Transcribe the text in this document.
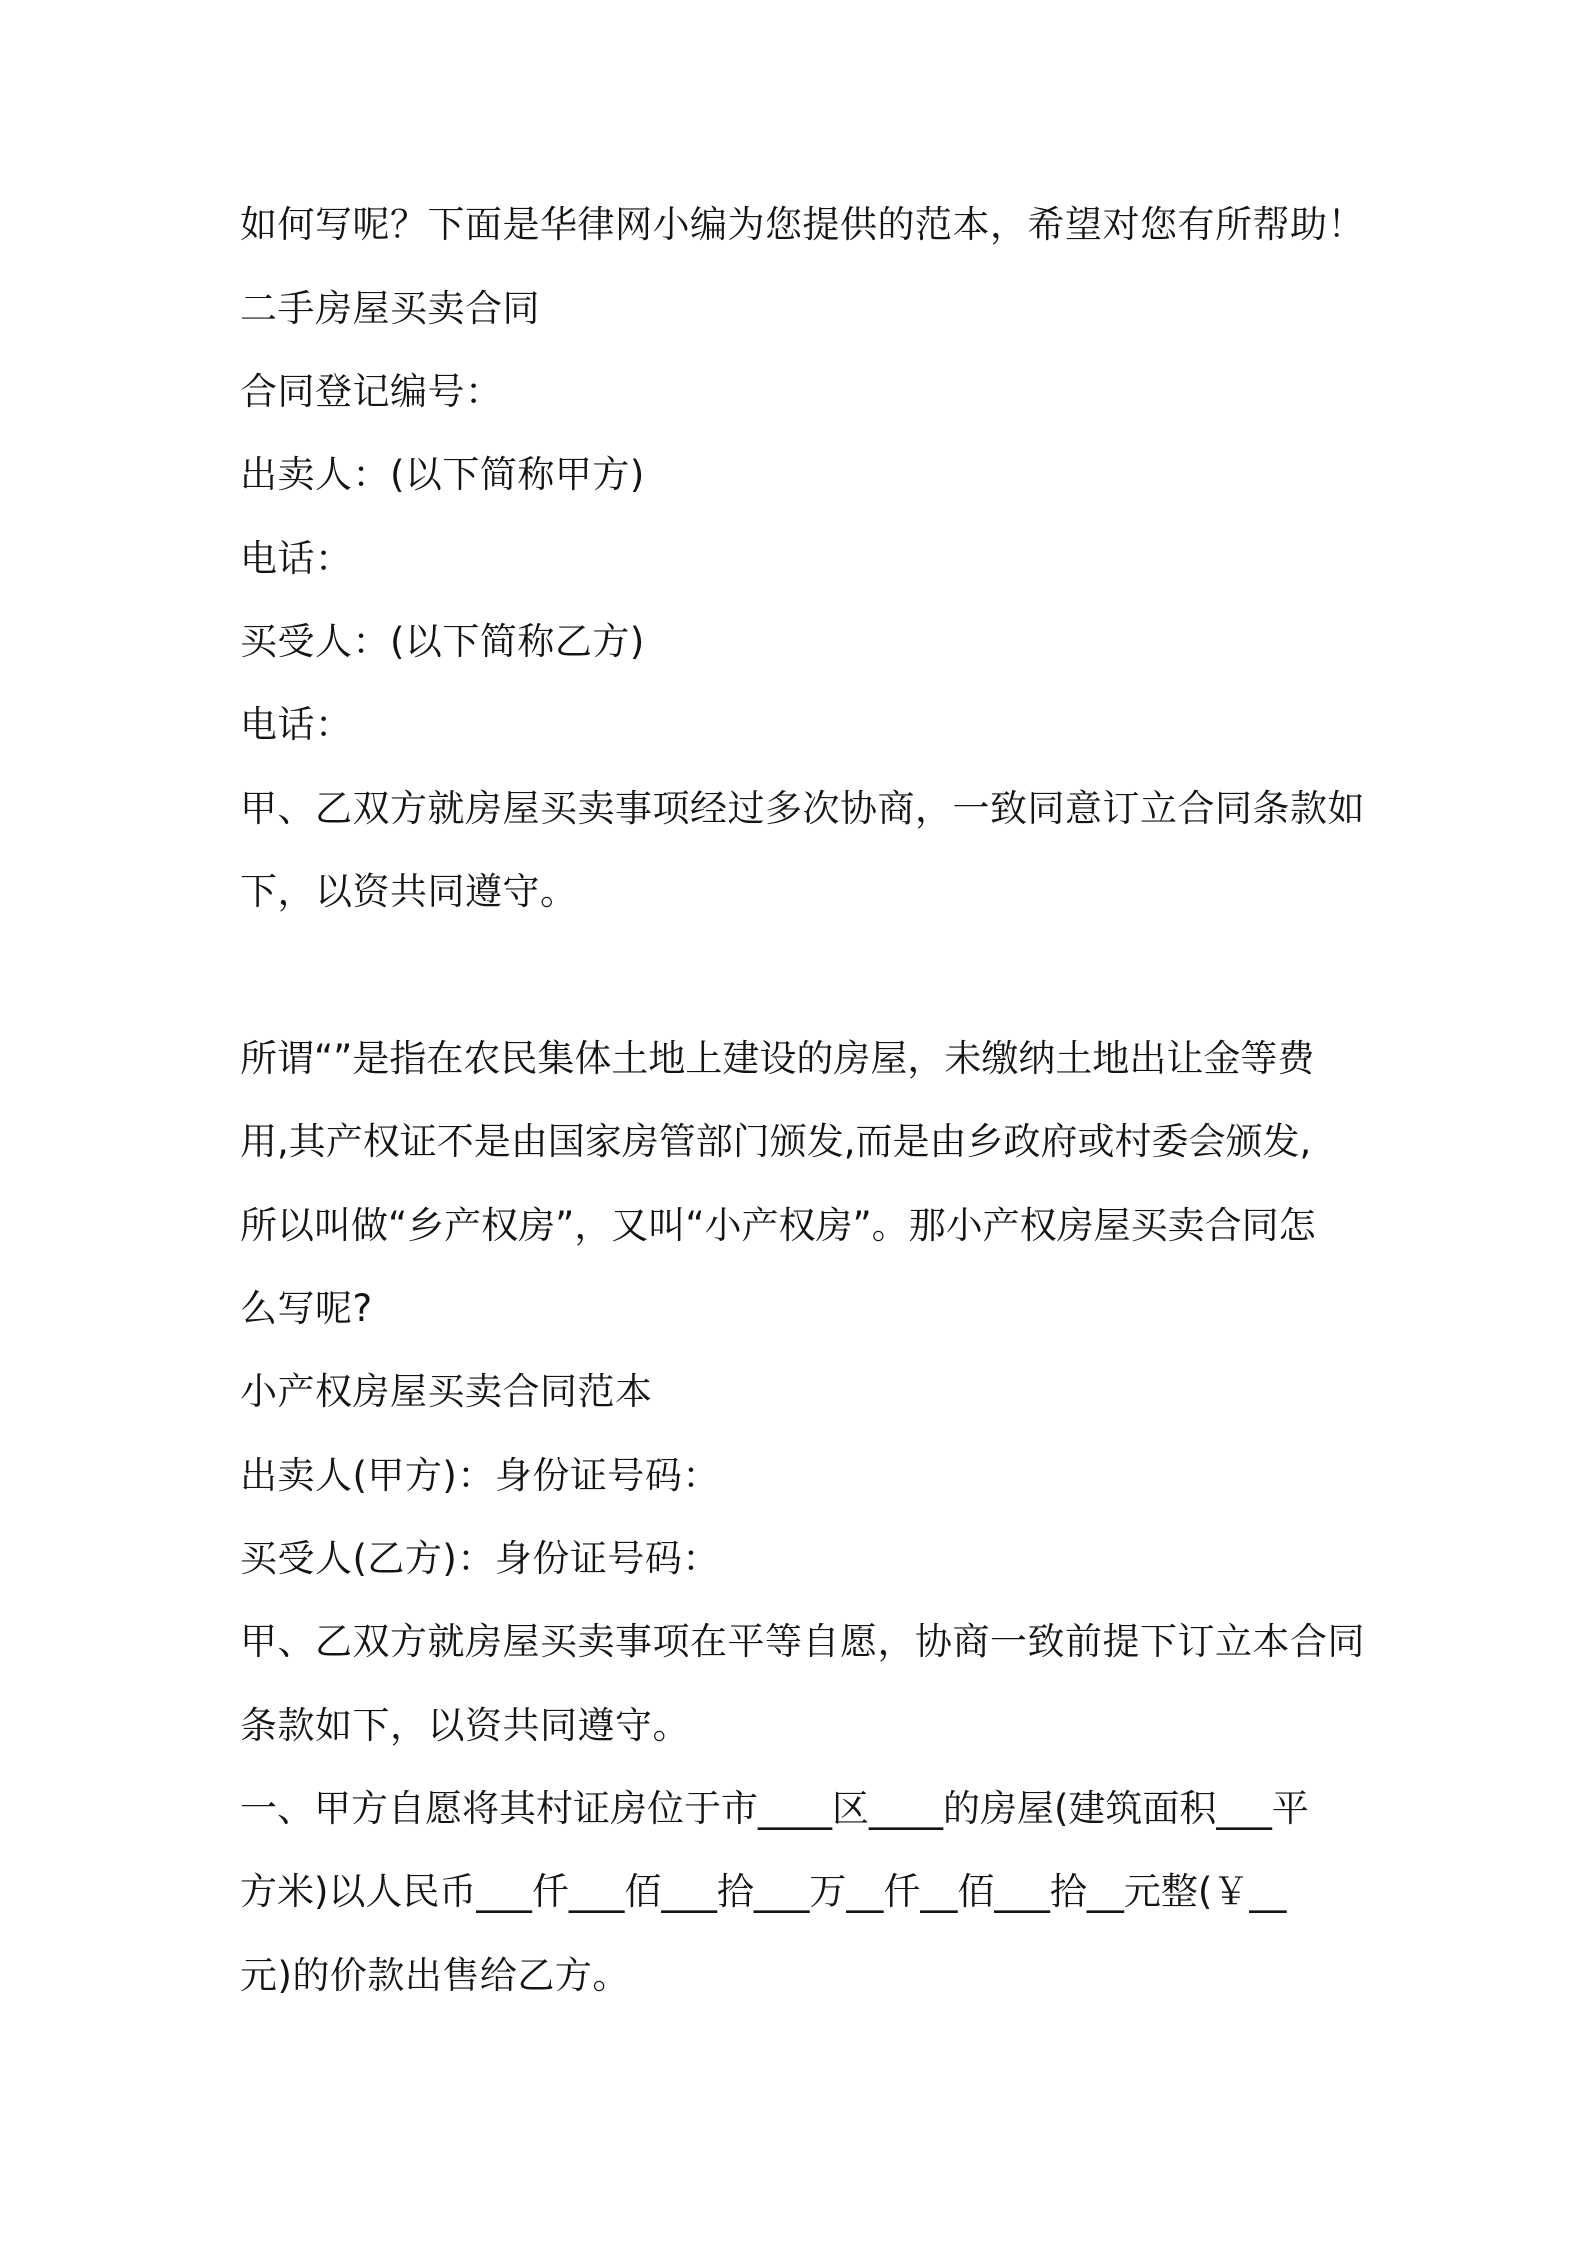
如何写呢？下面是华律网小编为您提供的范本，希望对您有所帮助！
二手房屋买卖合同
合同登记编号：
出卖人：(以下简称甲方)
电话：
买受人：(以下简称乙方)
电话：
甲、乙双方就房屋买卖事项经过多次协商，一致同意订立合同条款如
下，以资共同遵守。
所谓“”是指在农民集体土地上建设的房屋，未缴纳土地出让金等费
用,其产权证不是由国家房管部门颁发,而是由乡政府或村委会颁发,
所以叫做“乡产权房”，又叫“小产权房”。那小产权房屋买卖合同怎
么写呢?
小产权房屋买卖合同范本
出卖人(甲方)：身份证号码：
买受人(乙方)：身份证号码：
甲、乙双方就房屋买卖事项在平等自愿，协商一致前提下订立本合同
条款如下，以资共同遵守。
一、甲方自愿将其村证房位于市____区____的房屋(建筑面积___平
方米)以人民币___仟___佰___拾___万__仟__佰___拾__元整(￥__
元)的价款出售给乙方。
